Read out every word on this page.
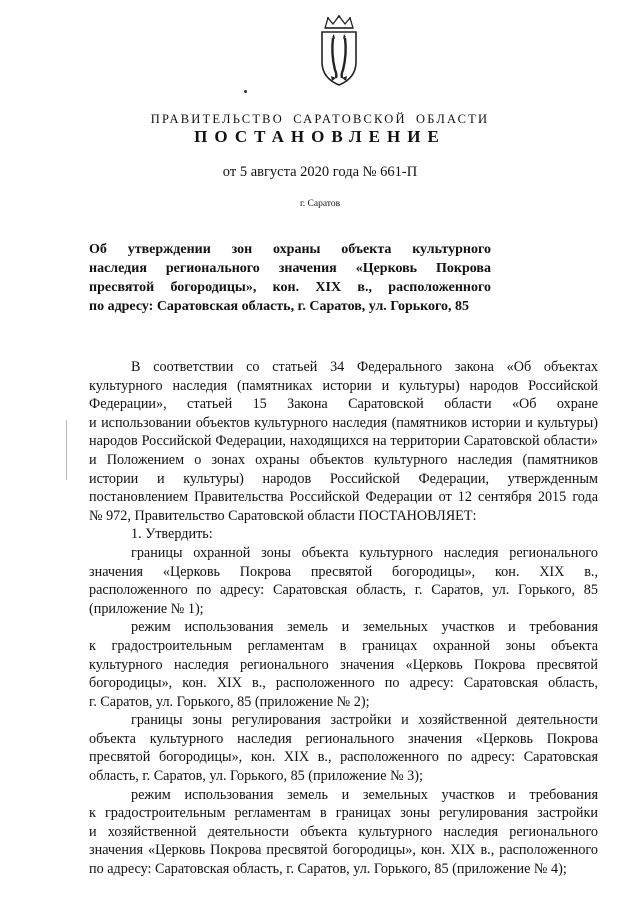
ПРАВИТЕЛЬСТВО САРАТОВСКОЙ ОБЛАСТИ
ПОСТАНОВЛЕНИЕ
от 5 августа 2020 года № 661-П
г. Саратов
Об утверждении зон охраны объекта культурного
наследия регионального значения «Церковь Покрова
пресвятой богородицы», кон. XIX в., расположенного
по адресу: Саратовская область, г. Саратов, ул. Горького, 85
В соответствии со статьей 34 Федерального закона «Об объектах
культурного наследия (памятниках истории и культуры) народов Российской
Федерации», статьей 15 Закона Саратовской области «Об охране
и использовании объектов культурного наследия (памятников истории и культуры)
народов Российской Федерации, находящихся на территории Саратовской области»
и Положением о зонах охраны объектов культурного наследия (памятников
истории и культуры) народов Российской Федерации, утвержденным
постановлением Правительства Российской Федерации от 12 сентября 2015 года
№ 972, Правительство Саратовской области ПОСТАНОВЛЯЕТ:
1. Утвердить:
границы охранной зоны объекта культурного наследия регионального
значения «Церковь Покрова пресвятой богородицы», кон. XIX в.,
расположенного по адресу: Саратовская область, г. Саратов, ул. Горького, 85
(приложение № 1);
режим использования земель и земельных участков и требования
к градостроительным регламентам в границах охранной зоны объекта
культурного наследия регионального значения «Церковь Покрова пресвятой
богородицы», кон. XIX в., расположенного по адресу: Саратовская область,
г. Саратов, ул. Горького, 85 (приложение № 2);
границы зоны регулирования застройки и хозяйственной деятельности
объекта культурного наследия регионального значения «Церковь Покрова
пресвятой богородицы», кон. XIX в., расположенного по адресу: Саратовская
область, г. Саратов, ул. Горького, 85 (приложение № 3);
режим использования земель и земельных участков и требования
к градостроительным регламентам в границах зоны регулирования застройки
и хозяйственной деятельности объекта культурного наследия регионального
значения «Церковь Покрова пресвятой богородицы», кон. XIX в., расположенного
по адресу: Саратовская область, г. Саратов, ул. Горького, 85 (приложение № 4);
